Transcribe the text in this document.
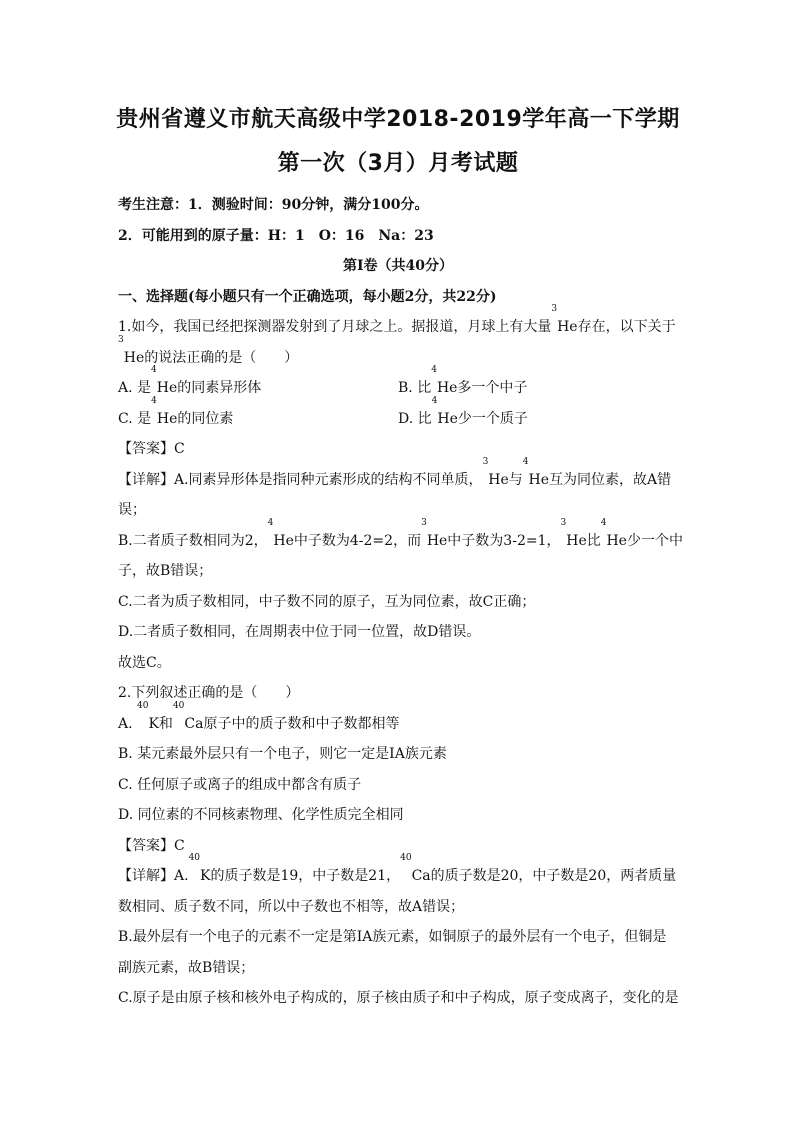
贵州省遵义市航天高级中学2018-2019学年高一下学期第一次（3月）月考试题
考生注意：1．测验时间：90分钟，满分100分。
2．可能用到的原子量：H：1　O：16　Na：23
第Ⅰ卷（共40分）
一、选择题(每小题只有一个正确选项，每小题2分，共22分)
1.如今，我国已经把探测器发射到了月球之上。据报道，月球上有大量$^3$He存在，以下关于
$^3$He的说法正确的是（　　）
A. 是$^4$He的同素异形体	B. 比$^4$He多一个中子
C. 是$^4$He的同位素	D. 比$^4$He少一个质子
【答案】C
【详解】A.同素异形体是指同种元素形成的结构不同单质，$^3$He与$^4$He互为同位素，故A错
误；
B.二者质子数相同为2，$^4$He中子数为4-2=2，而$^3$He中子数为3-2=1，$^3$He比$^4$He少一个中
子，故B错误；
C.二者为质子数相同，中子数不同的原子，互为同位素，故C正确；
D.二者质子数相同，在周期表中位于同一位置，故D错误。
故选C。
2.下列叙述正确的是（　　）
A. $^{40}$K和$^{40}$Ca原子中的质子数和中子数都相等
B. 某元素最外层只有一个电子，则它一定是ⅠA族元素
C. 任何原子或离子的组成中都含有质子
D. 同位素的不同核素物理、化学性质完全相同
【答案】C
【详解】A.$^{40}$K的质子数是19，中子数是21，$^{40}$Ca的质子数是20，中子数是20，两者质量
数相同、质子数不同，所以中子数也不相等，故A错误；
B.最外层有一个电子的元素不一定是第ⅠA族元素，如铜原子的最外层有一个电子，但铜是
副族元素，故B错误；
C.原子是由原子核和核外电子构成的，原子核由质子和中子构成，原子变成离子，变化的是
